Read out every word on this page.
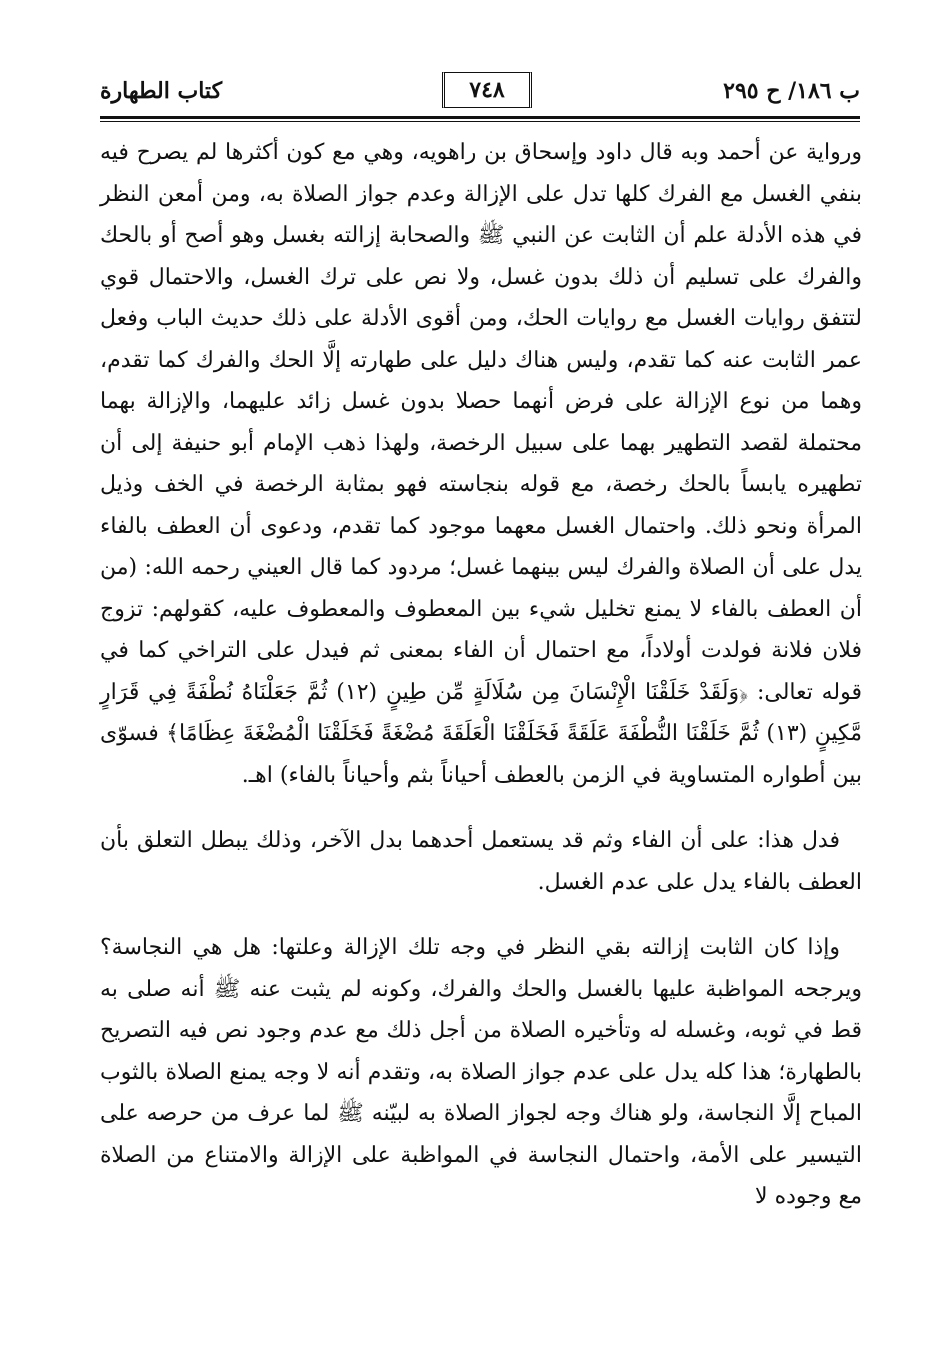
كتاب الطهارة	٧٤٨	ب ١٨٦/ ح ٢٩٥

ورواية عن أحمد وبه قال داود وإسحاق بن راهويه، وهي مع كون أكثرها لم يصرح فيه بنفي الغسل مع الفرك كلها تدل على الإزالة وعدم جواز الصلاة به، ومن أمعن النظر في هذه الأدلة علم أن الثابت عن النبي ﷺ والصحابة إزالته بغسل وهو أصح أو بالحك والفرك على تسليم أن ذلك بدون غسل، ولا نص على ترك الغسل، والاحتمال قوي لتتفق روايات الغسل مع روايات الحك، ومن أقوى الأدلة على ذلك حديث الباب وفعل عمر الثابت عنه كما تقدم، وليس هناك دليل على طهارته إلَّا الحك والفرك كما تقدم، وهما من نوع الإزالة على فرض أنهما حصلا بدون غسل زائد عليهما، والإزالة بهما محتملة لقصد التطهير بهما على سبيل الرخصة، ولهذا ذهب الإمام أبو حنيفة إلى أن تطهيره يابساً بالحك رخصة، مع قوله بنجاسته فهو بمثابة الرخصة في الخف وذيل المرأة ونحو ذلك. واحتمال الغسل معهما موجود كما تقدم، ودعوى أن العطف بالفاء يدل على أن الصلاة والفرك ليس بينهما غسل؛ مردود كما قال العيني رحمه الله: (من أن العطف بالفاء لا يمنع تخليل شيء بين المعطوف والمعطوف عليه، كقولهم: تزوج فلان فلانة فولدت أولاداً، مع احتمال أن الفاء بمعنى ثم فيدل على التراخي كما في قوله تعالى: ﴿وَلَقَدْ خَلَقْنَا الْإِنْسَانَ مِن سُلَالَةٍ مِّن طِينٍ (١٢) ثُمَّ جَعَلْنَاهُ نُطْفَةً فِي قَرَارٍ مَّكِينٍ (١٣) ثُمَّ خَلَقْنَا النُّطْفَةَ عَلَقَةً فَخَلَقْنَا الْعَلَقَةَ مُضْغَةً فَخَلَقْنَا الْمُضْغَةَ عِظَامًا﴾ فسوّى بين أطواره المتساوية في الزمن بالعطف أحياناً بثم وأحياناً بالفاء) اهـ.

فدل هذا: على أن الفاء وثم قد يستعمل أحدهما بدل الآخر، وذلك يبطل التعلق بأن العطف بالفاء يدل على عدم الغسل.

وإذا كان الثابت إزالته بقي النظر في وجه تلك الإزالة وعلتها: هل هي النجاسة؟ ويرجحه المواظبة عليها بالغسل والحك والفرك، وكونه لم يثبت عنه ﷺ أنه صلى به قط في ثوبه، وغسله له وتأخيره الصلاة من أجل ذلك مع عدم وجود نص فيه التصريح بالطهارة؛ هذا كله يدل على عدم جواز الصلاة به، وتقدم أنه لا وجه يمنع الصلاة بالثوب المباح إلَّا النجاسة، ولو هناك وجه لجواز الصلاة به لبيّنه ﷺ لما عرف من حرصه على التيسير على الأمة، واحتمال النجاسة في المواظبة على الإزالة والامتناع من الصلاة مع وجوده لا
